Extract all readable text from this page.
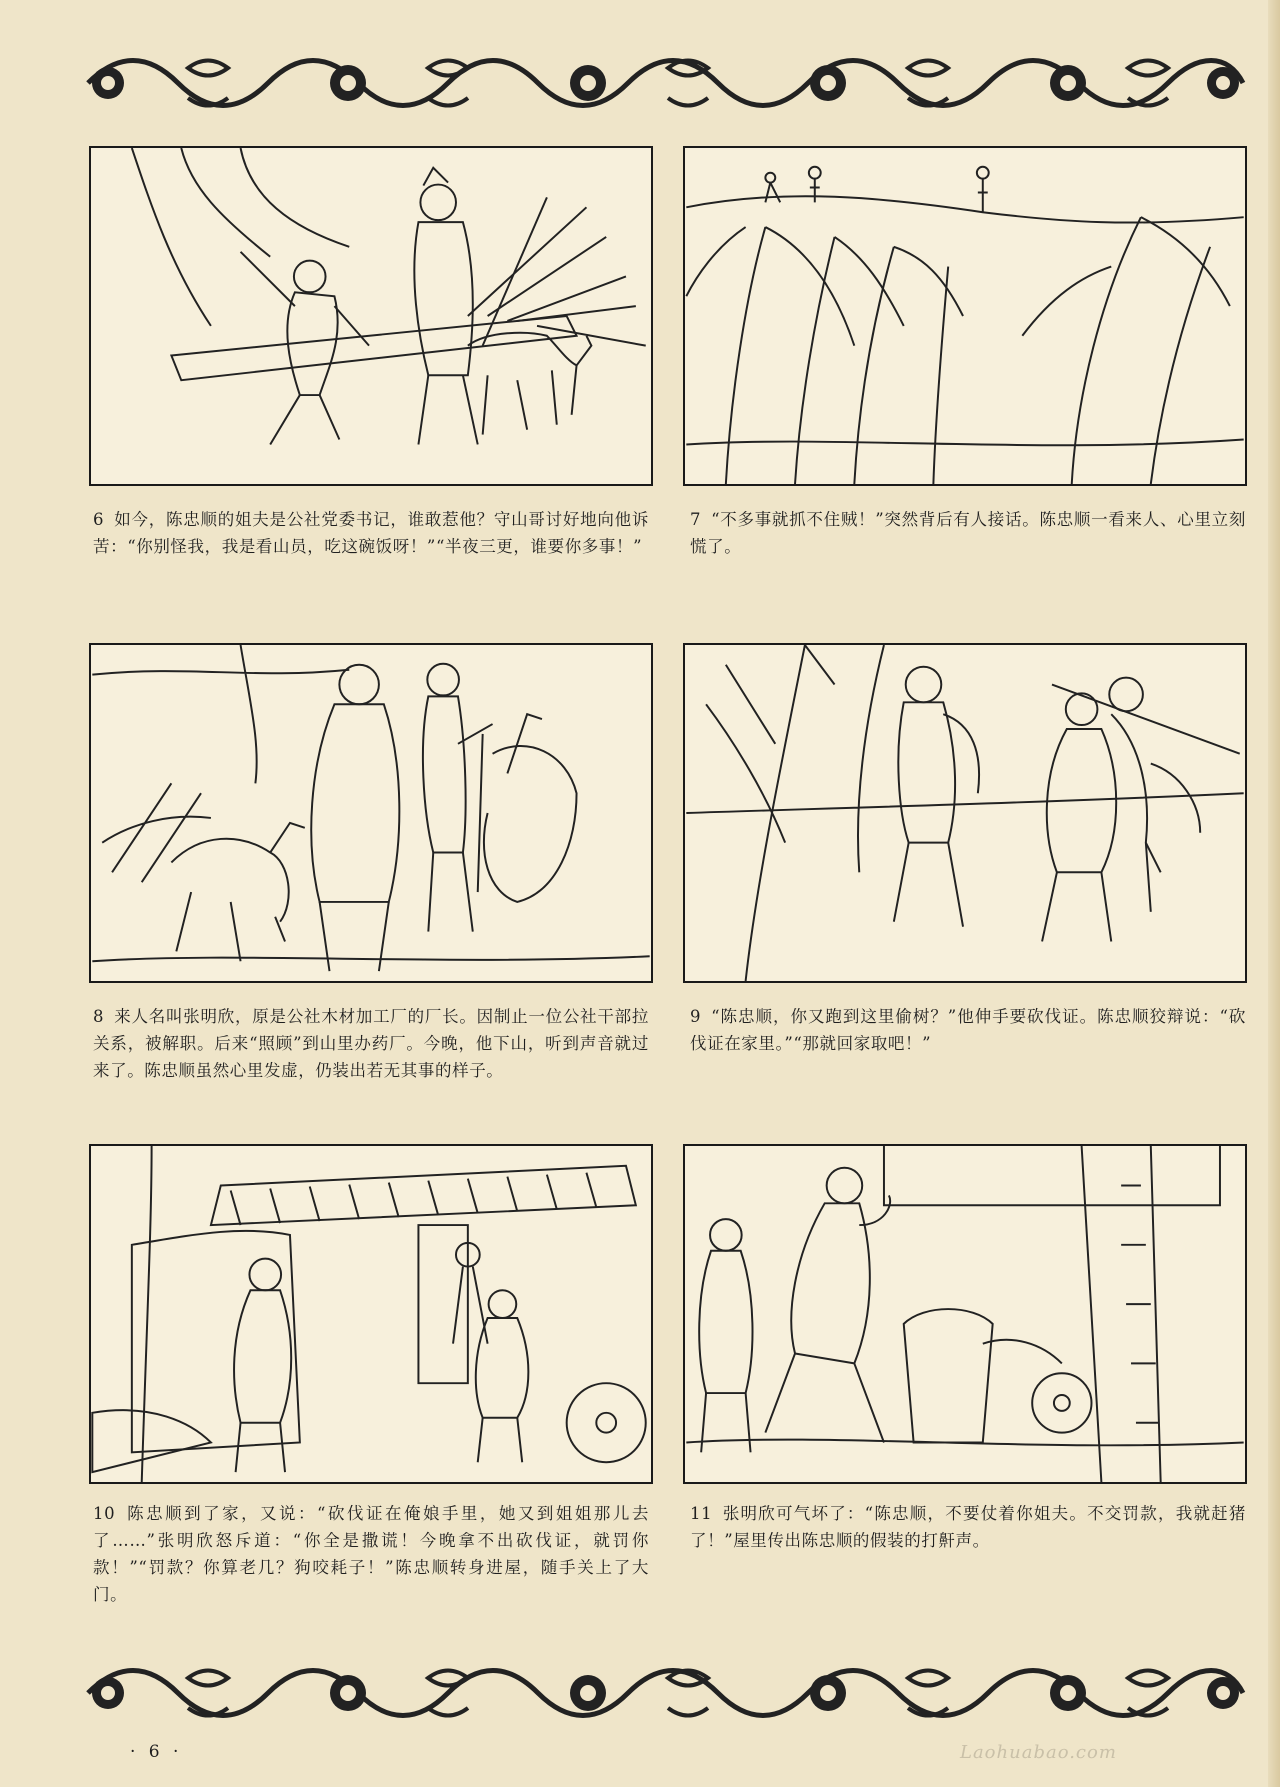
6 如今，陈忠顺的姐夫是公社党委书记，谁敢惹他？守山哥讨好地向他诉苦：“你别怪我，我是看山员，吃这碗饭呀！”“半夜三更，谁要你多事！”

7 “不多事就抓不住贼！”突然背后有人接话。陈忠顺一看来人、心里立刻慌了。

8 来人名叫张明欣，原是公社木材加工厂的厂长。因制止一位公社干部拉关系，被解职。后来“照顾”到山里办药厂。今晚，他下山，听到声音就过来了。陈忠顺虽然心里发虚，仍装出若无其事的样子。

9 “陈忠顺，你又跑到这里偷树？”他伸手要砍伐证。陈忠顺狡辩说：“砍伐证在家里。”“那就回家取吧！”

10 陈忠顺到了家，又说：“砍伐证在俺娘手里，她又到姐姐那儿去了……”张明欣怒斥道：“你全是撒谎！今晚拿不出砍伐证，就罚你款！”“罚款？你算老几？狗咬耗子！”陈忠顺转身进屋，随手关上了大门。

11 张明欣可气坏了：“陈忠顺，不要仗着你姐夫。不交罚款，我就赶猪了！”屋里传出陈忠顺的假装的打鼾声。

· 6 ·	Laohuabao.com
